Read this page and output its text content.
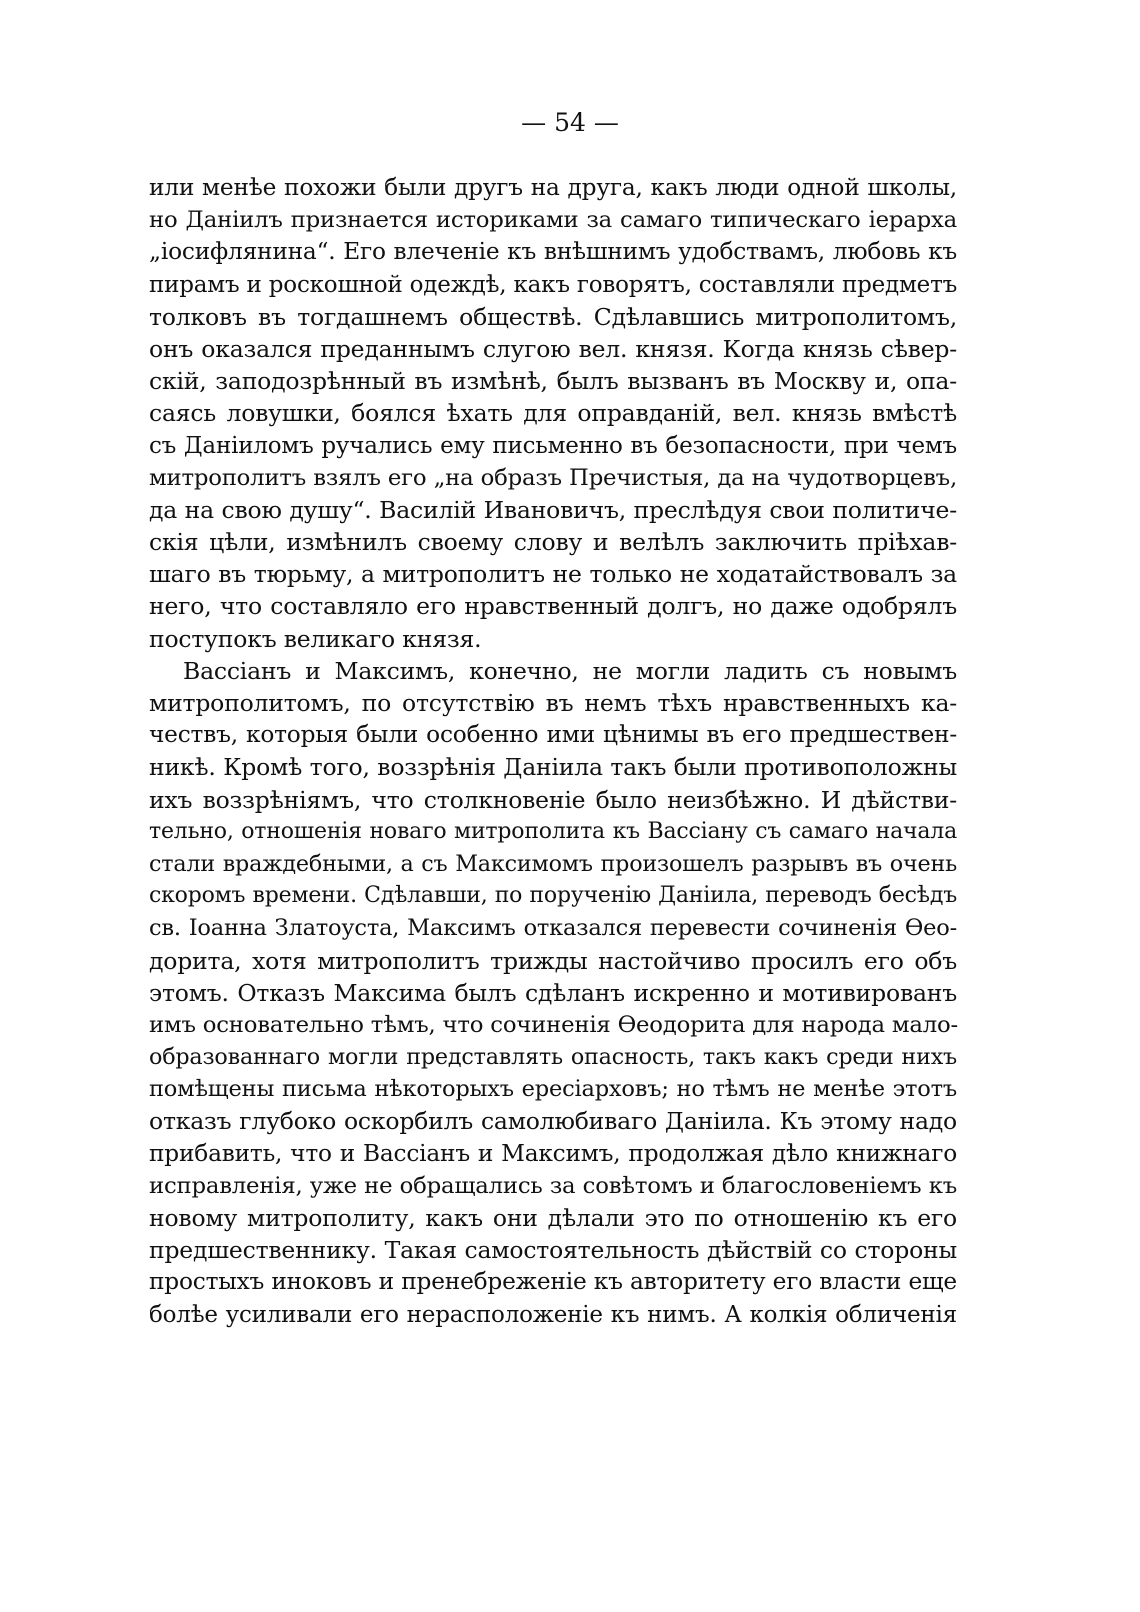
— 54 —
или менѣе похожи были другъ на друга, какъ люди одной школы,
но Даніилъ признается историками за самаго типическаго іерарха
„іосифлянина“. Его влеченіе къ внѣшнимъ удобствамъ, любовь къ
пирамъ и роскошной одеждѣ, какъ говорятъ, составляли предметъ
толковъ въ тогдашнемъ обществѣ. Сдѣлавшись митрополитомъ,
онъ оказался преданнымъ слугою вел. князя. Когда князь сѣвер-
скій, заподозрѣнный въ измѣнѣ, былъ вызванъ въ Москву и, опа-
саясь ловушки, боялся ѣхать для оправданій, вел. князь вмѣстѣ
съ Даніиломъ ручались ему письменно въ безопасности, при чемъ
митрополитъ взялъ его „на образъ Пречистыя, да на чудотворцевъ,
да на свою душу“. Василій Ивановичъ, преслѣдуя свои политиче-
скія цѣли, измѣнилъ своему слову и велѣлъ заключить пріѣхав-
шаго въ тюрьму, а митрополитъ не только не ходатайствовалъ за
него, что составляло его нравственный долгъ, но даже одобрялъ
поступокъ великаго князя.
Вассіанъ и Максимъ, конечно, не могли ладить съ новымъ
митрополитомъ, по отсутствію въ немъ тѣхъ нравственныхъ ка-
чествъ, которыя были особенно ими цѣнимы въ его предшествен-
никѣ. Кромѣ того, воззрѣнія Даніила такъ были противоположны
ихъ воззрѣніямъ, что столкновеніе было неизбѣжно. И дѣйстви-
тельно, отношенія новаго митрополита къ Вассіану съ самаго начала
стали враждебными, а съ Максимомъ произошелъ разрывъ въ очень
скоромъ времени. Сдѣлавши, по порученію Даніила, переводъ бесѣдъ
св. Іоанна Златоуста, Максимъ отказался перевести сочиненія Ѳео-
дорита, хотя митрополитъ трижды настойчиво просилъ его объ
этомъ. Отказъ Максима былъ сдѣланъ искренно и мотивированъ
имъ основательно тѣмъ, что сочиненія Ѳеодорита для народа мало-
образованнаго могли представлять опасность, такъ какъ среди нихъ
помѣщены письма нѣкоторыхъ ересіарховъ; но тѣмъ не менѣе этотъ
отказъ глубоко оскорбилъ самолюбиваго Даніила. Къ этому надо
прибавить, что и Вассіанъ и Максимъ, продолжая дѣло книжнаго
исправленія, уже не обращались за совѣтомъ и благословеніемъ къ
новому митрополиту, какъ они дѣлали это по отношенію къ его
предшественнику. Такая самостоятельность дѣйствій со стороны
простыхъ иноковъ и пренебреженіе къ авторитету его власти еще
болѣе усиливали его нерасположеніе къ нимъ. А колкія обличенія
